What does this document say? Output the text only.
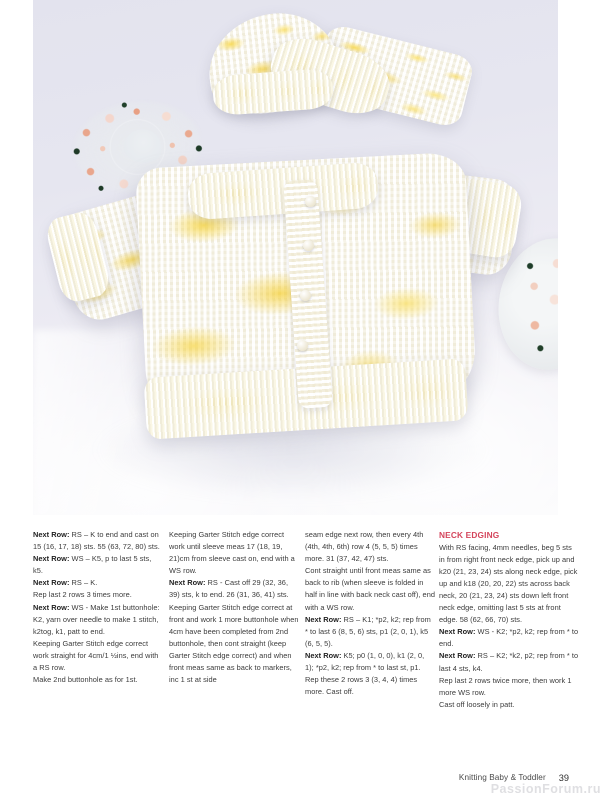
Next Row: RS – K to end and cast on 15 (16, 17, 18) sts. 55 (63, 72, 80) sts.

Next Row: WS – K5, p to last 5 sts, k5.

Next Row: RS – K.

Rep last 2 rows 3 times more.

Next Row: WS - Make 1st buttonhole: K2, yarn over needle to make 1 stitch, k2tog, k1, patt to end.

Keeping Garter Stitch edge correct work straight for 4cm/1 ½ins, end with a RS row.

Make 2nd buttonhole as for 1st.

Keeping Garter Stitch edge correct work until sleeve meas 17 (18, 19, 21)cm from sleeve cast on, end with a WS row.

Next Row: RS - Cast off 29 (32, 36, 39) sts, k to end. 26 (31, 36, 41) sts.

Keeping Garter Stitch edge correct at front and work 1 more buttonhole when 4cm have been completed from 2nd buttonhole, then cont straight (keep Garter Stitch edge correct) and when front meas same as back to markers, inc 1 st at side

seam edge next row, then every 4th (4th, 4th, 6th) row 4 (5, 5, 5) times more. 31 (37, 42, 47) sts.

Cont straight until front meas same as back to rib (when sleeve is folded in half in line with back neck cast off), end with a WS row.

Next Row: RS – K1; *p2, k2; rep from * to last 6 (8, 5, 6) sts, p1 (2, 0, 1), k5 (6, 5, 5).

Next Row: K5; p0 (1, 0, 0), k1 (2, 0, 1); *p2, k2; rep from * to last st, p1.

Rep these 2 rows 3 (3, 4, 4) times more. Cast off.

NECK EDGING

With RS facing, 4mm needles, beg 5 sts in from right front neck edge, pick up and k20 (21, 23, 24) sts along neck edge, pick up and k18 (20, 20, 22) sts across back neck, 20 (21, 23, 24) sts down left front neck edge, omitting last 5 sts at front edge. 58 (62, 66, 70) sts.

Next Row: WS - K2; *p2, k2; rep from * to end.

Next Row: RS – K2; *k2, p2; rep from * to last 4 sts, k4.

Rep last 2 rows twice more, then work 1 more WS row.

Cast off loosely in patt.

Knitting Baby & Toddler 39
PassionForum.ru
